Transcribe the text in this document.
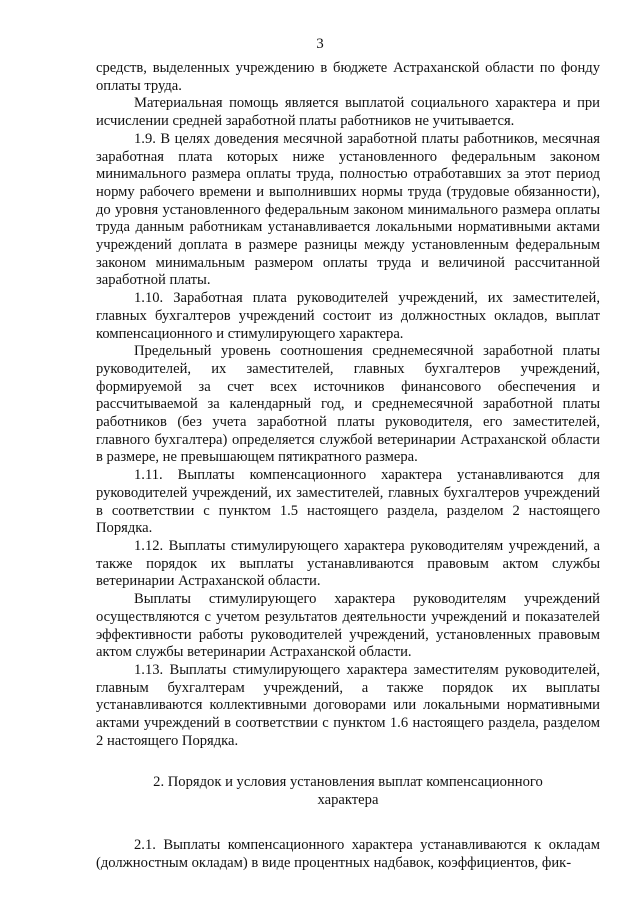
3

средств, выделенных учреждению в бюджете Астраханской области по фонду оплаты труда.

Материальная помощь является выплатой социального характера и при исчислении средней заработной платы работников не учитывается.

1.9. В целях доведения месячной заработной платы работников, месячная заработная плата которых ниже установленного федеральным законом минимального размера оплаты труда, полностью отработавших за этот период норму рабочего времени и выполнивших нормы труда (трудовые обязанности), до уровня установленного федеральным законом минимального размера оплаты труда данным работникам устанавливается локальными нормативными актами учреждений доплата в размере разницы между установленным федеральным законом минимальным размером оплаты труда и величиной рассчитанной заработной платы.

1.10. Заработная плата руководителей учреждений, их заместителей, главных бухгалтеров учреждений состоит из должностных окладов, выплат компенсационного и стимулирующего характера.

Предельный уровень соотношения среднемесячной заработной платы руководителей, их заместителей, главных бухгалтеров учреждений, формируемой за счет всех источников финансового обеспечения и рассчитываемой за календарный год, и среднемесячной заработной платы работников (без учета заработной платы руководителя, его заместителей, главного бухгалтера) определяется службой ветеринарии Астраханской области в размере, не превышающем пятикратного размера.

1.11. Выплаты компенсационного характера устанавливаются для руководителей учреждений, их заместителей, главных бухгалтеров учреждений в соответствии с пунктом 1.5 настоящего раздела, разделом 2 настоящего Порядка.

1.12. Выплаты стимулирующего характера руководителям учреждений, а также порядок их выплаты устанавливаются правовым актом службы ветеринарии Астраханской области.

Выплаты стимулирующего характера руководителям учреждений осуществляются с учетом результатов деятельности учреждений и показателей эффективности работы руководителей учреждений, установленных правовым актом службы ветеринарии Астраханской области.

1.13. Выплаты стимулирующего характера заместителям руководителей, главным бухгалтерам учреждений, а также порядок их выплаты устанавливаются коллективными договорами или локальными нормативными актами учреждений в соответствии с пунктом 1.6 настоящего раздела, разделом 2 настоящего Порядка.

2. Порядок и условия установления выплат компенсационного характера

2.1. Выплаты компенсационного характера устанавливаются к окладам (должностным окладам) в виде процентных надбавок, коэффициентов, фик-
